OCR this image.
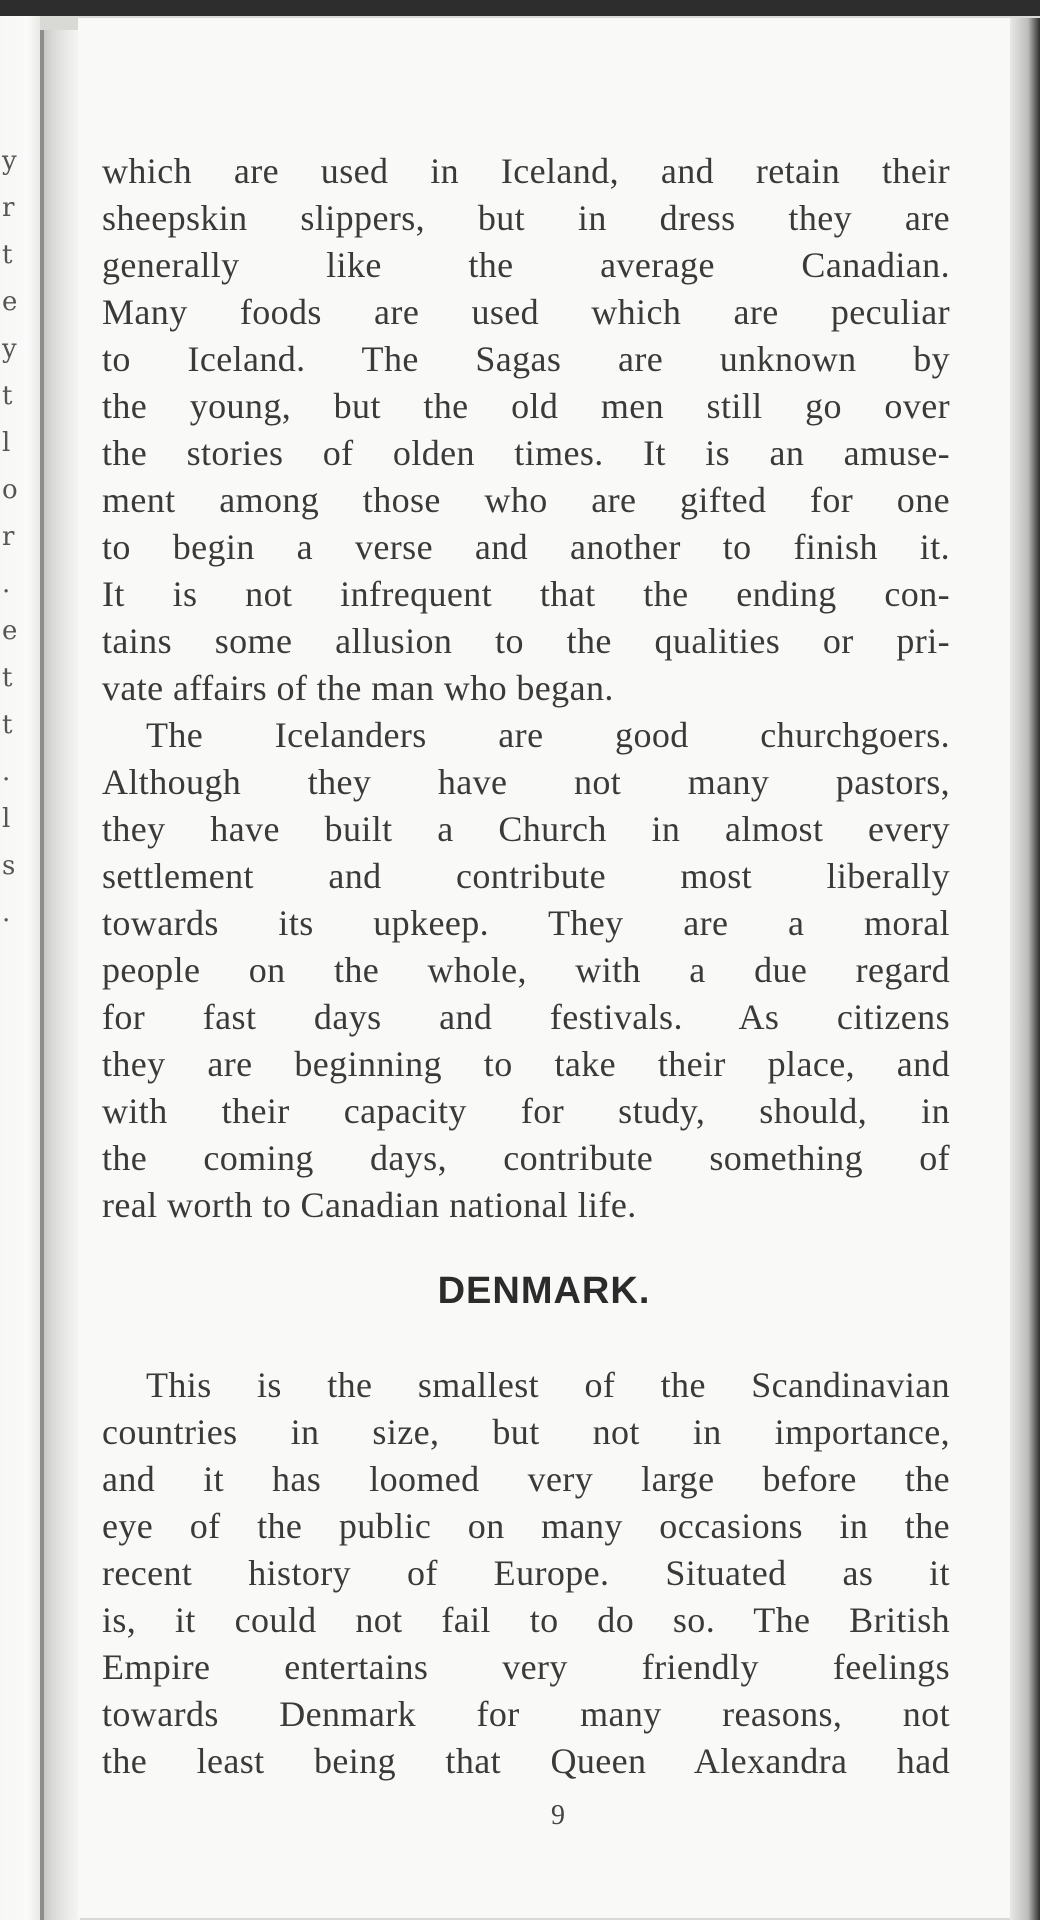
y
r
t
e
y
t
l
o
r
.
e
t
t
.
l
s
.
which are used in Iceland, and retain their
sheepskin slippers, but in dress they are
generally like the average Canadian.
Many foods are used which are peculiar
to Iceland. The Sagas are unknown by
the young, but the old men still go over
the stories of olden times. It is an amuse-
ment among those who are gifted for one
to begin a verse and another to finish it.
It is not infrequent that the ending con-
tains some allusion to the qualities or pri-
vate affairs of the man who began.
The Icelanders are good churchgoers.
Although they have not many pastors,
they have built a Church in almost every
settlement and contribute most liberally
towards its upkeep. They are a moral
people on the whole, with a due regard
for fast days and festivals. As citizens
they are beginning to take their place, and
with their capacity for study, should, in
the coming days, contribute something of
real worth to Canadian national life.
DENMARK.
This is the smallest of the Scandinavian
countries in size, but not in importance,
and it has loomed very large before the
eye of the public on many occasions in the
recent history of Europe. Situated as it
is, it could not fail to do so. The British
Empire entertains very friendly feelings
towards Denmark for many reasons, not
the least being that Queen Alexandra had
9
